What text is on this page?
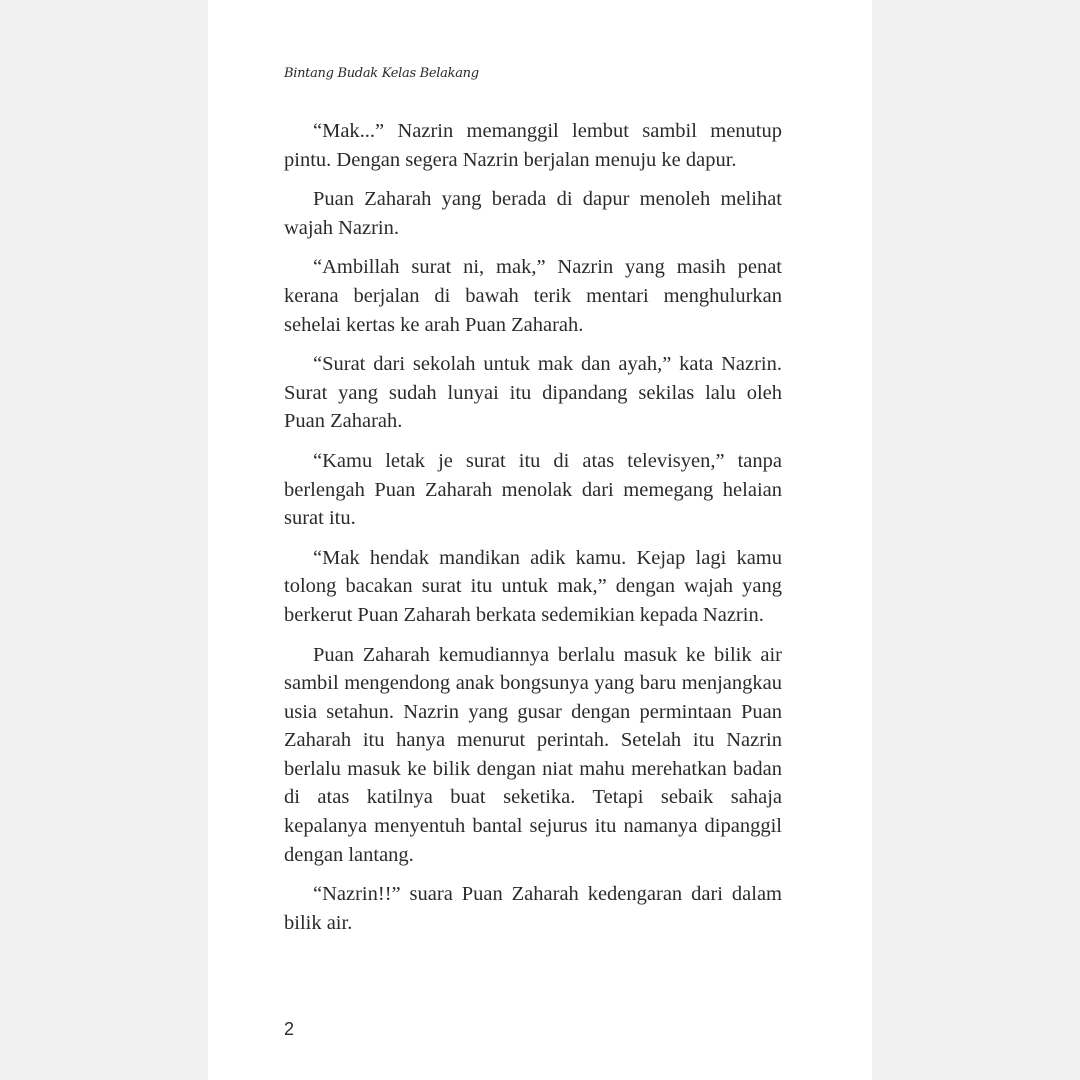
Bintang Budak Kelas Belakang

“Mak...” Nazrin memanggil lembut sambil menutup pintu. Dengan segera Nazrin berjalan menuju ke dapur.

Puan Zaharah yang berada di dapur menoleh melihat wajah Nazrin.

“Ambillah surat ni, mak,” Nazrin yang masih penat kerana berjalan di bawah terik mentari menghulurkan sehelai kertas ke arah Puan Zaharah.

“Surat dari sekolah untuk mak dan ayah,” kata Nazrin. Surat yang sudah lunyai itu dipandang sekilas lalu oleh Puan Zaharah.

“Kamu letak je surat itu di atas televisyen,” tanpa berlengah Puan Zaharah menolak dari memegang helaian surat itu.

“Mak hendak mandikan adik kamu. Kejap lagi kamu tolong bacakan surat itu untuk mak,” dengan wajah yang berkerut Puan Zaharah berkata sedemikian kepada Nazrin.

Puan Zaharah kemudiannya berlalu masuk ke bilik air sambil mengendong anak bongsunya yang baru menjangkau usia setahun. Nazrin yang gusar dengan permintaan Puan Zaharah itu hanya menurut perintah. Setelah itu Nazrin berlalu masuk ke bilik dengan niat mahu merehatkan badan di atas katilnya buat seketika. Tetapi sebaik sahaja kepalanya menyentuh bantal sejurus itu namanya dipanggil dengan lantang.

“Nazrin!!” suara Puan Zaharah kedengaran dari dalam bilik air.

2
